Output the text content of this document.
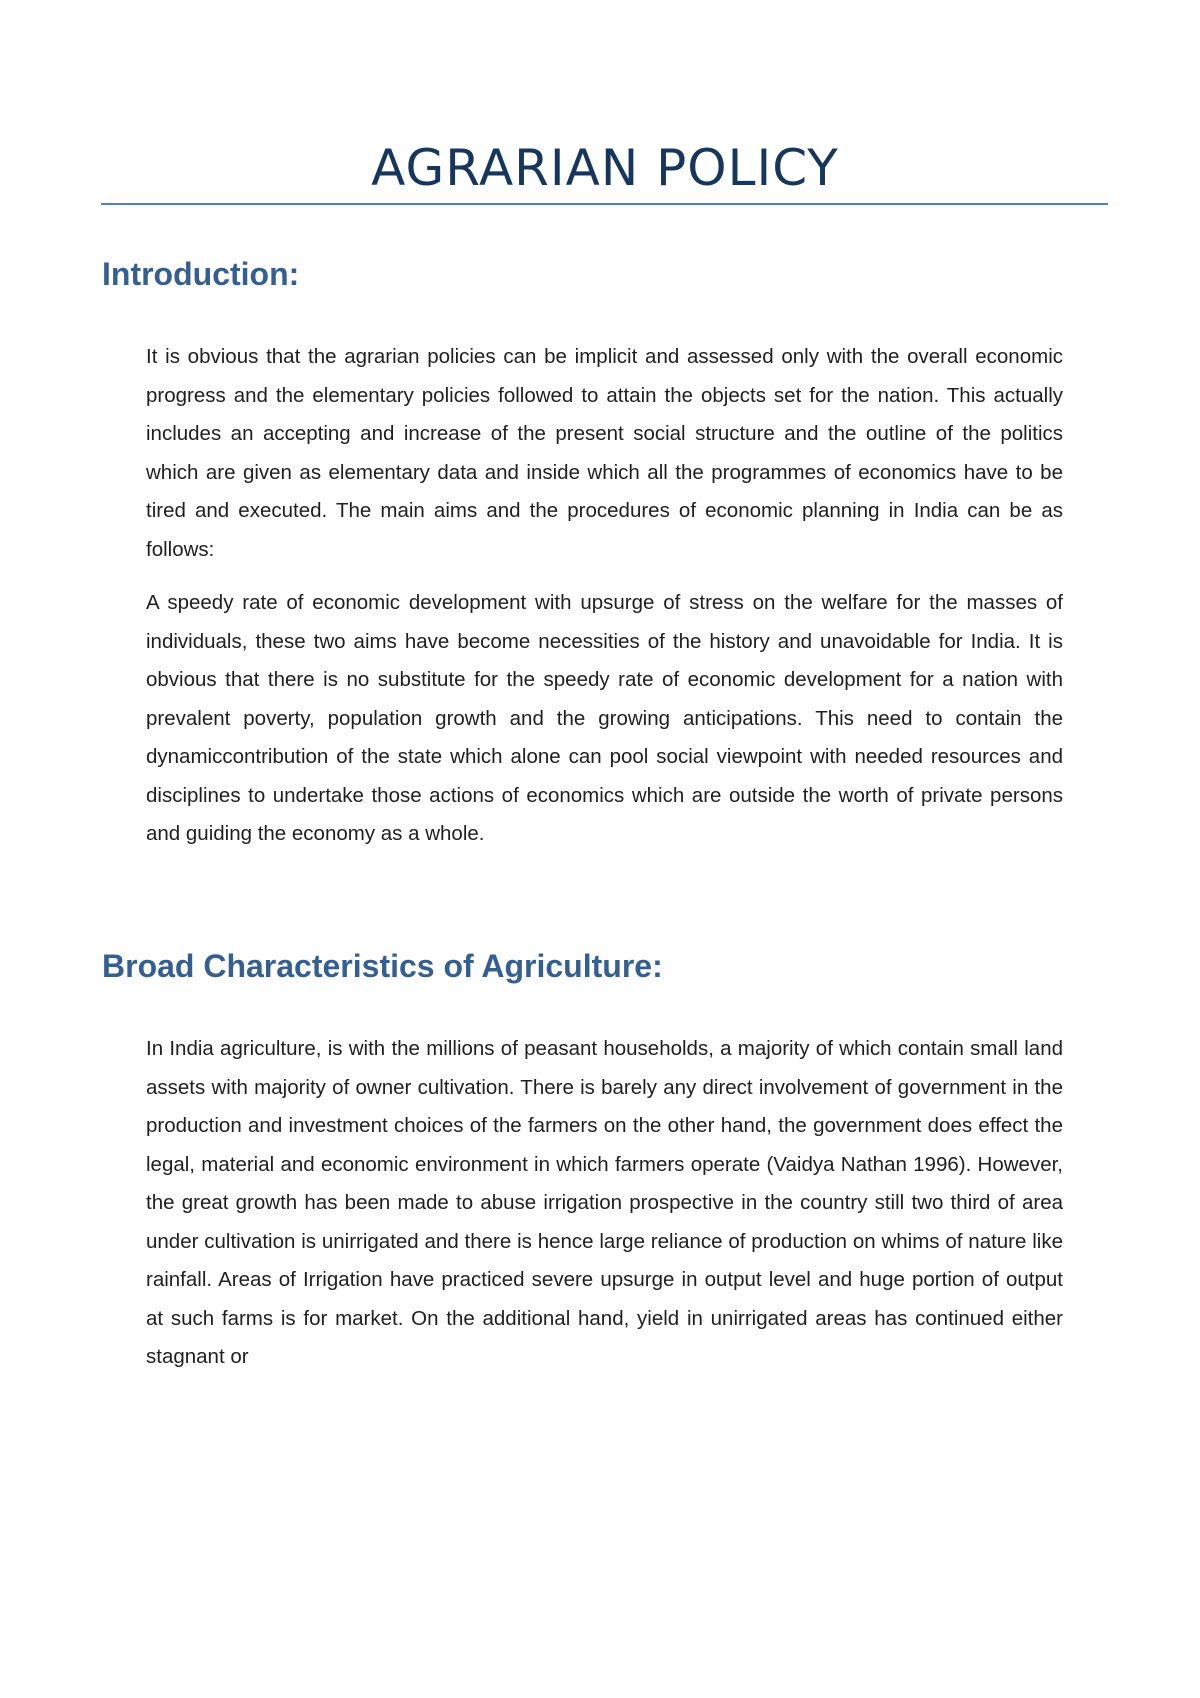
AGRARIAN POLICY
Introduction:

It is obvious that the agrarian policies can be implicit and assessed only with the overall economic progress and the elementary policies followed to attain the objects set for the nation. This actually includes an accepting and increase of the present social structure and the outline of the politics which are given as elementary data and inside which all the programmes of economics have to be tired and executed. The main aims and the procedures of economic planning in India can be as follows:

A speedy rate of economic development with upsurge of stress on the welfare for the masses of individuals, these two aims have become necessities of the history and unavoidable for India. It is obvious that there is no substitute for the speedy rate of economic development for a nation with prevalent poverty, population growth and the growing anticipations. This need to contain the dynamiccontribution of the state which alone can pool social viewpoint with needed resources and disciplines to undertake those actions of economics which are outside the worth of private persons and guiding the economy as a whole.

Broad Characteristics of Agriculture:

In India agriculture, is with the millions of peasant households, a majority of which contain small land assets with majority of owner cultivation. There is barely any direct involvement of government in the production and investment choices of the farmers on the other hand, the government does effect the legal, material and economic environment in which farmers operate (Vaidya Nathan 1996). However, the great growth has been made to abuse irrigation prospective in the country still two third of area under cultivation is unirrigated and there is hence large reliance of production on whims of nature like rainfall. Areas of Irrigation have practiced severe upsurge in output level and huge portion of output at such farms is for market. On the additional hand, yield in unirrigated areas has continued either stagnant or
